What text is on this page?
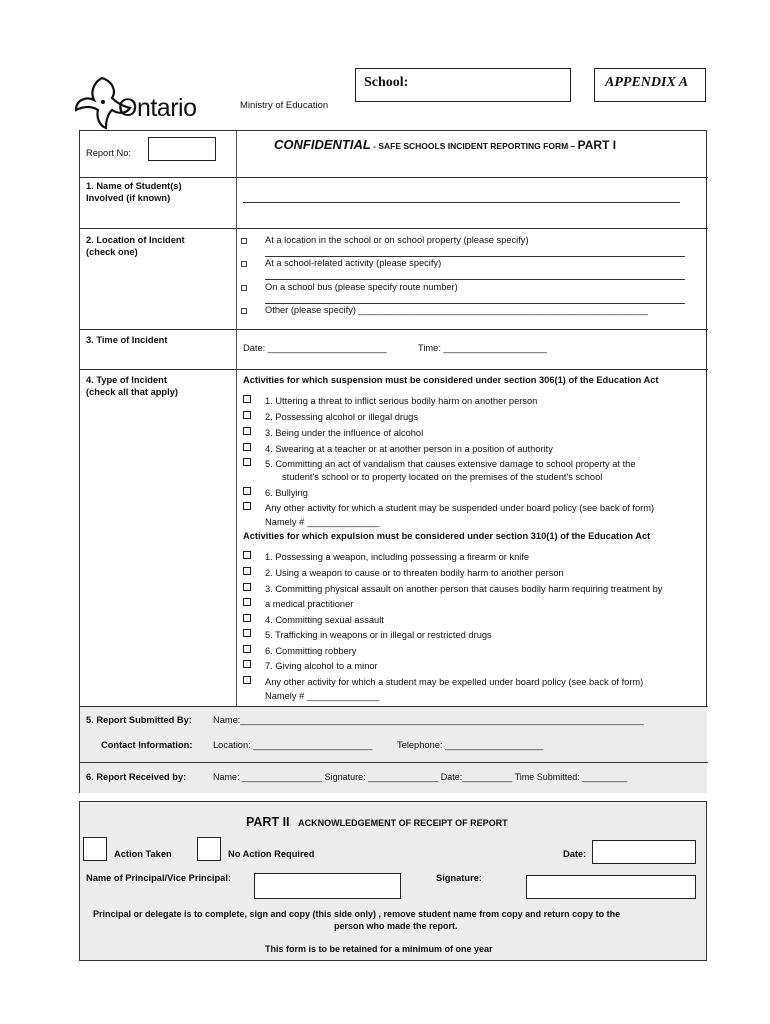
Ontario	Ministry of Education
School:	APPENDIX A
Report No:
CONFIDENTIAL - SAFE SCHOOLS INCIDENT REPORTING FORM – PART I
1. Name of Student(s)
Involved (if known)
2. Location of Incident
(check one)
At a location in the school or on school property (please specify)
At a school-related activity (please specify)
On a school bus (please specify route number)
Other (please specify) ________________________________________________________
3. Time of Incident
Date: _______________________	Time: ____________________
4. Type of Incident
(check all that apply)
Activities for which suspension must be considered under section 306(1) of the Education Act
1. Uttering a threat to inflict serious bodily harm on another person
2. Possessing alcohol or illegal drugs
3. Being under the influence of alcohol
4. Swearing at a teacher or at another person in a position of authority
5. Committing an act of vandalism that causes extensive damage to school property at the
student's school or to property located on the premises of the student's school
6. Bullying
Any other activity for which a student may be suspended under board policy (see back of form)
Namely # ______________
Activities for which expulsion must be considered under section 310(1) of the Education Act
1. Possessing a weapon, including possessing a firearm or knife
2. Using a weapon to cause or to threaten bodily harm to another person
3. Committing physical assault on another person that causes bodily harm requiring treatment by
a medical practitioner
4. Committing sexual assault
5. Trafficking in weapons or in illegal or restricted drugs
6. Committing robbery
7. Giving alcohol to a minor
Any other activity for which a student may be expelled under board policy (see back of form)
Namely # ______________
5. Report Submitted By: Name:______________________________________________________________________________
Contact Information: Location: _______________________	Telephone: ___________________
6. Report Received by:	Name: ________________ Signature: ______________ Date:__________ Time Submitted: _________
PART II ACKNOWLEDGEMENT OF RECEIPT OF REPORT
Action Taken	No Action Required	Date:
Name of Principal/Vice Principal:	Signature:
Principal or delegate is to complete, sign and copy (this side only) , remove student name from copy and return copy to the
person who made the report.
This form is to be retained for a minimum of one year
